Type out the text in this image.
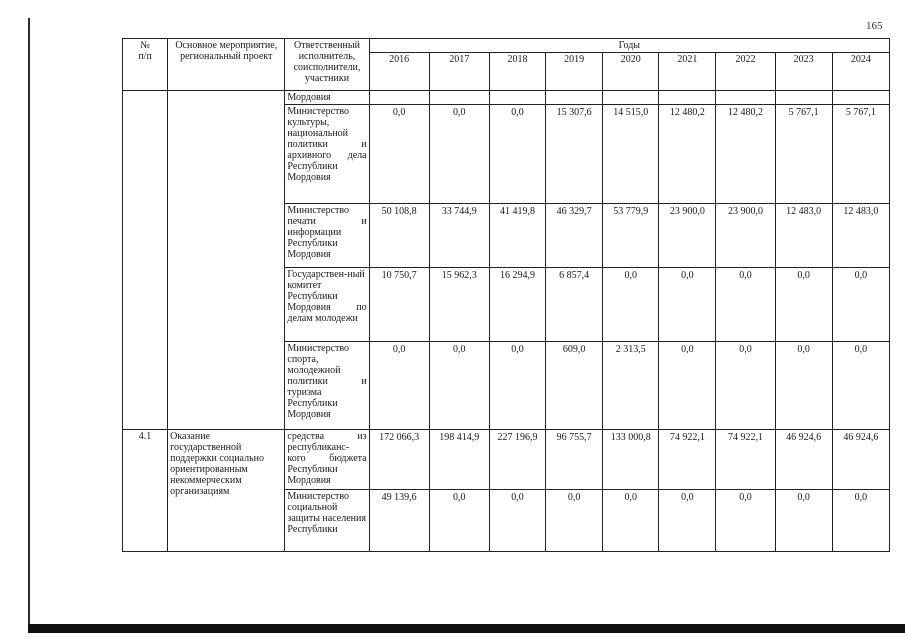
165
№
п/п	Основное мероприятие, региональный проект	Ответственный исполнитель, соисполнители, участники	Годы								
			2016	2017	2018	2019	2020	2021	2022	2023	2024
		Мордовия									
		Министерство культуры, национальной политики и архивного дела Республики Мордовия	0,0	0,0	0,0	15 307,6	14 515,0	12 480,2	12 480,2	5 767,1	5 767,1
		Министерство печати и информации Республики Мордовия	50 108,8	33 744,9	41 419,8	46 329,7	53 779,9	23 900,0	23 900,0	12 483,0	12 483,0
		Государствен-ный комитет Республики Мордовия по делам молодежи	10 750,7	15 962,3	16 294,9	6 857,4	0,0	0,0	0,0	0,0	0,0
		Министерство спорта, молодежной политики и туризма Республики Мордовия	0,0	0,0	0,0	609,0	2 313,5	0,0	0,0	0,0	0,0
4.1	Оказание государственной поддержки социально ориентированным некоммерческим организациям	средства из республиканс-кого бюджета Республики Мордовия	172 066,3	198 414,9	227 196,9	96 755,7	133 000,8	74 922,1	74 922,1	46 924,6	46 924,6
		Министерство социальной защиты населения Республики	49 139,6	0,0	0,0	0,0	0,0	0,0	0,0	0,0	0,0
